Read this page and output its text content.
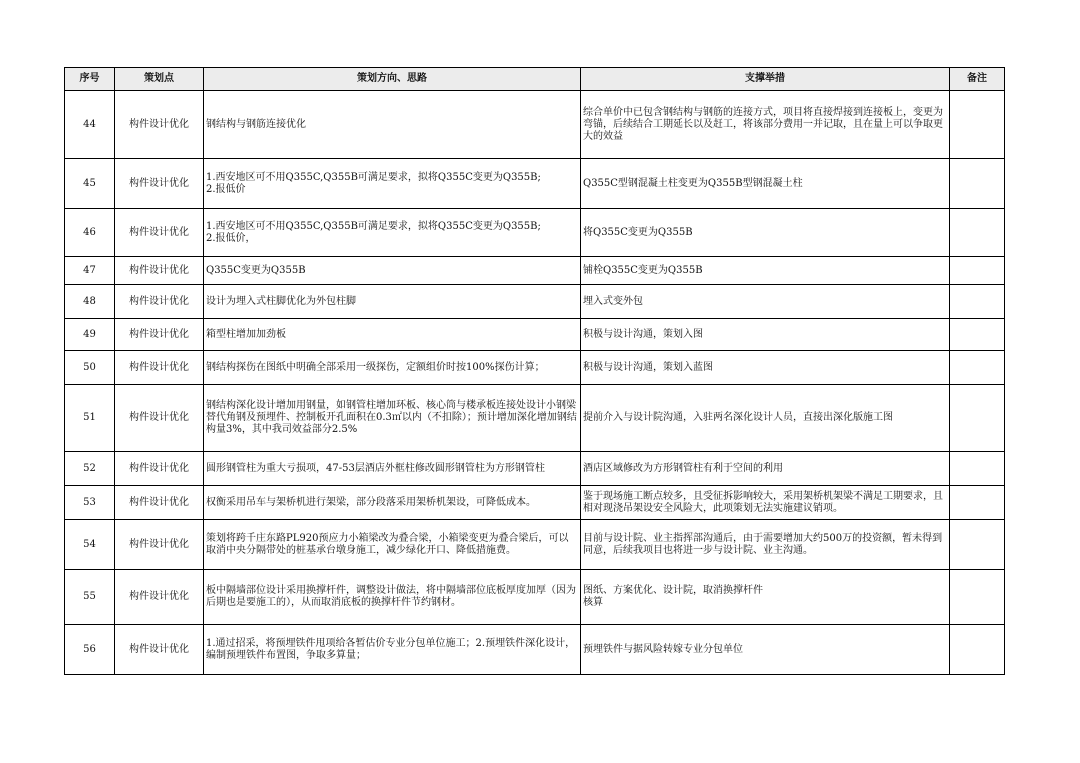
序号	策划点	策划方向、思路	支撑举措	备注
44	构件设计优化	钢结构与钢筋连接优化	综合单价中已包含钢结构与钢筋的连接方式，项目将直接焊接到连接板上，变更为弯锚，后续结合工期延长以及赶工，将该部分费用一并记取，且在量上可以争取更大的效益	

45	构件设计优化	1.西安地区可不用Q355C,Q355B可满足要求，拟将Q355C变更为Q355B;
2.报低价	Q355C型钢混凝土柱变更为Q355B型钢混凝土柱	

46	构件设计优化	1.西安地区可不用Q355C,Q355B可满足要求，拟将Q355C变更为Q355B;
2.报低价，	将Q355C变更为Q355B	

47	构件设计优化	Q355C变更为Q355B	铺栓Q355C变更为Q355B	

48	构件设计优化	设计为埋入式柱脚优化为外包柱脚	埋入式变外包	

49	构件设计优化	箱型柱增加加劲板	积极与设计沟通，策划入图	

50	构件设计优化	钢结构探伤在图纸中明确全部采用一级探伤，定额组价时按100%探伤计算；	积极与设计沟通，策划入蓝图	

51	构件设计优化	钢结构深化设计增加用钢量，如钢管柱增加环板、核心筒与楼承板连接处设计小钢梁替代角钢及预埋件、控制板开孔面积在0.3㎡以内（不扣除）；预计增加深化增加钢结构量3%，其中我司效益部分2.5%	提前介入与设计院沟通，入驻两名深化设计人员，直接出深化版施工图	

52	构件设计优化	圆形钢管柱为重大亏损项，47-53层酒店外框柱修改圆形钢管柱为方形钢管柱	酒店区域修改为方形钢管柱有利于空间的利用	

53	构件设计优化	权衡采用吊车与架桥机进行架梁，部分段落采用架桥机架设，可降低成本。	鉴于现场施工断点较多，且受征拆影响较大，采用架桥机架梁不满足工期要求，且相对现浇吊架设安全风险大，此项策划无法实施建议销项。	

54	构件设计优化	策划将跨千庄东路PL920预应力小箱梁改为叠合梁，小箱梁变更为叠合梁后，可以取消中央分隔带处的桩基承台墩身施工，减少绿化开口、降低措施费。	目前与设计院、业主指挥部沟通后，由于需要增加大约500万的投资额，暂未得到同意，后续我项目也将进一步与设计院、业主沟通。	

55	构件设计优化	板中隔墙部位设计采用换撑杆件，调整设计做法，将中隔墙部位底板厚度加厚（因为后期也是要施工的），从而取消底板的换撑杆件节约钢材。	图纸、方案优化、设计院，取消换撑杆件
核算	

56	构件设计优化	1.通过招采，将预埋铁件甩项给各暂估价专业分包单位施工；2.预埋铁件深化设计，编制预埋铁件布置图，争取多算量；	预埋铁件与据风险转嫁专业分包单位	
